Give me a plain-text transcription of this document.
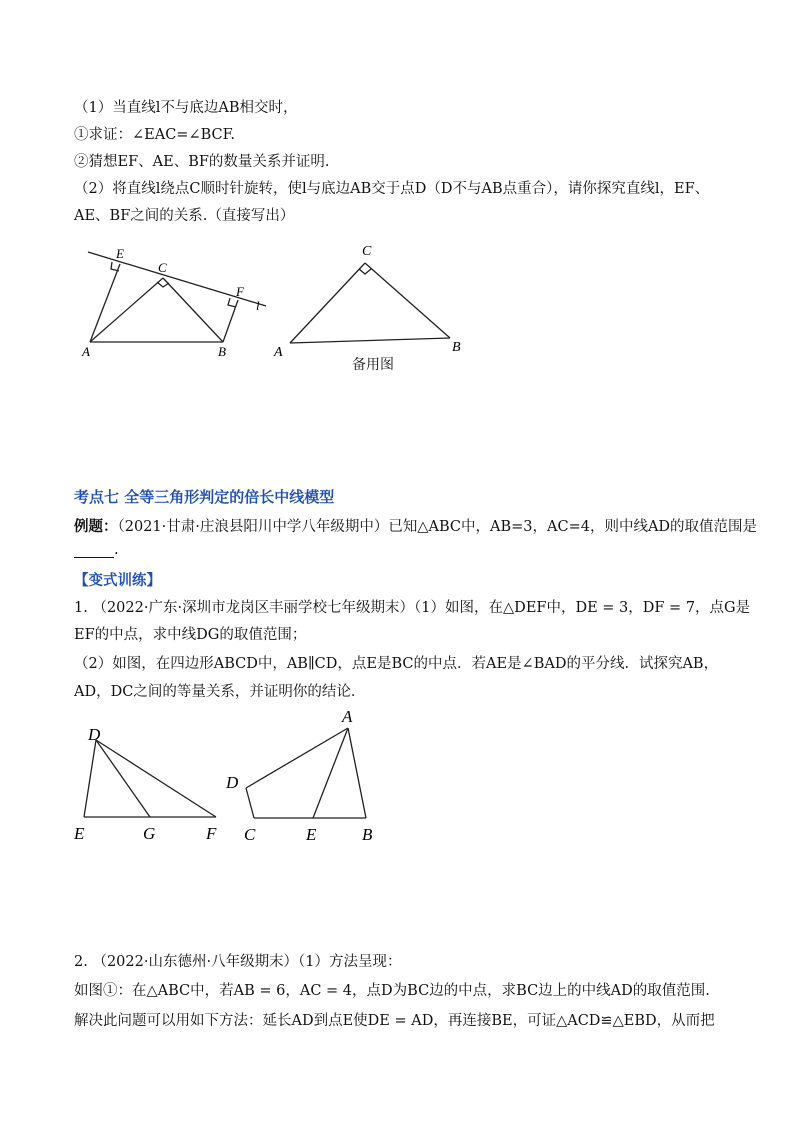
（1）当直线l不与底边AB相交时，
①求证：∠EAC=∠BCF.
②猜想EF、AE、BF的数量关系并证明.
（2）将直线l绕点C顺时针旋转，使l与底边AB交于点D（D不与AB点重合），请你探究直线l，EF、
AE、BF之间的关系.（直接写出）
E
C
F
l
A	B
C
A	B
备用图
考点七 全等三角形判定的倍长中线模型
例题：（2021·甘肃·庄浪县阳川中学八年级期中）已知△ABC中，AB=3，AC=4，则中线AD的取值范围是
.
【变式训练】
1. （2022·广东·深圳市龙岗区丰丽学校七年级期末）（1）如图，在△DEF中，DE = 3，DF = 7，点G是
EF的中点，求中线DG的取值范围；
（2）如图，在四边形ABCD中，AB∥CD，点E是BC的中点．若AE是∠BAD的平分线．试探究AB，
AD，DC之间的等量关系，并证明你的结论．
D
E	G	F
A
D
C	E	B
2. （2022·山东德州·八年级期末）（1）方法呈现：
如图①：在△ABC中，若AB = 6，AC = 4，点D为BC边的中点，求BC边上的中线AD的取值范围.
解决此问题可以用如下方法：延长AD到点E使DE = AD，再连接BE，可证△ACD≌△EBD，从而把
